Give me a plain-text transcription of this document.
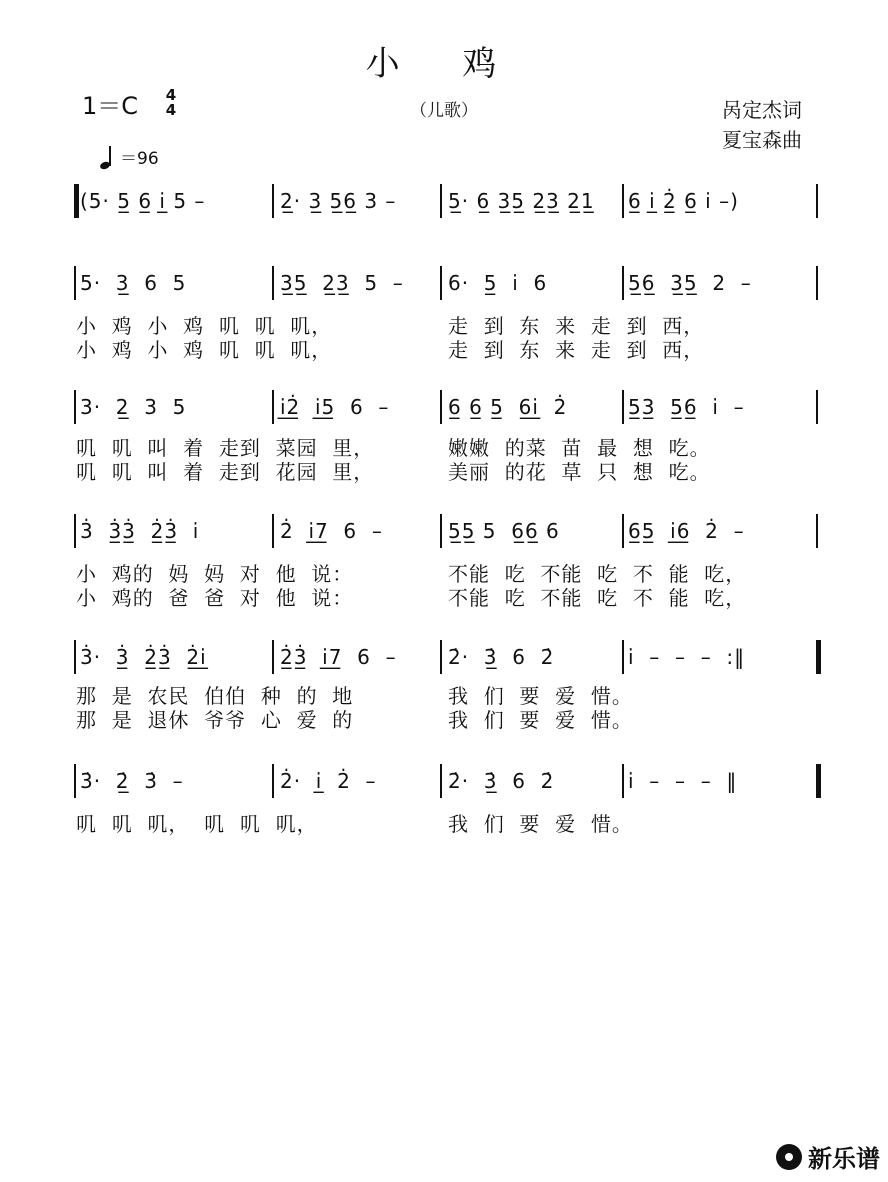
小 鸡
1＝C	4
4	（儿歌）	呙定杰词
夏宝森曲
＝96
(5· 5̲ 6̲ i̲̇ 5 –	2̲· 3̲ 5̲6̲ 3 –	5̲· 6̲ 3̲5̲ 2̲3̲ 2̲1̲ 6̲ i̲̇ 2̲̇ 6̲ i̇ –)
5·  3̲  6  5	3̲5̲  2̲3̲  5  – 6·  5̲  i̇  6	5̲6̲  3̲5̲  2  –
小  鸡  小  鸡  叽  叽  叽，	走  到  东  来  走  到  西，
小  鸡  小  鸡  叽  叽  叽，	走  到  东  来  走  到  西，
3·  2̲  3  5	i̲̇2̲̇  i̲̇5̲  6  –	6̲ 6̲ 5̲  6̲i̲̇  2̇	5̲3̲  5̲6̲  i̇  –
叽  叽  叫  着  走到  菜园  里，	嫩嫩  的菜  苗  最  想  吃。
叽  叽  叫  着  走到  花园  里，	美丽  的花  草  只  想  吃。
3̇  3̲̇3̲̇  2̲̇3̲̇  i̇	2̇  i̲̇7̲  6  –	5̲5̲ 5  6̲6̲ 6	6̲5̲  i̲̇6̲  2̇  –
小  鸡的  妈  妈  对  他  说：	不能  吃  不能  吃  不  能  吃，
小  鸡的  爸  爸  对  他  说：	不能  吃  不能  吃  不  能  吃，
3̇·  3̲̇  2̲̇3̲̇  2̲̇i̲̇	2̲̇3̲̇  i̲̇7̲  6  –	2̇·  3̲̇  6  2̇	i̇  –  –  –  :‖
那  是  农民  伯伯  种  的  地	我  们  要  爱  惜。
那  是  退休  爷爷  心  爱  的	我  们  要  爱  惜。
3̇·  2̲̇  3̇  –	2̇·  i̲̇  2̇  –	2̇·  3̲̇  6  2̇	i̇  –  –  –  ‖
叽  叽  叽，  叽  叽  叽，	我  们  要  爱  惜。
新乐谱
